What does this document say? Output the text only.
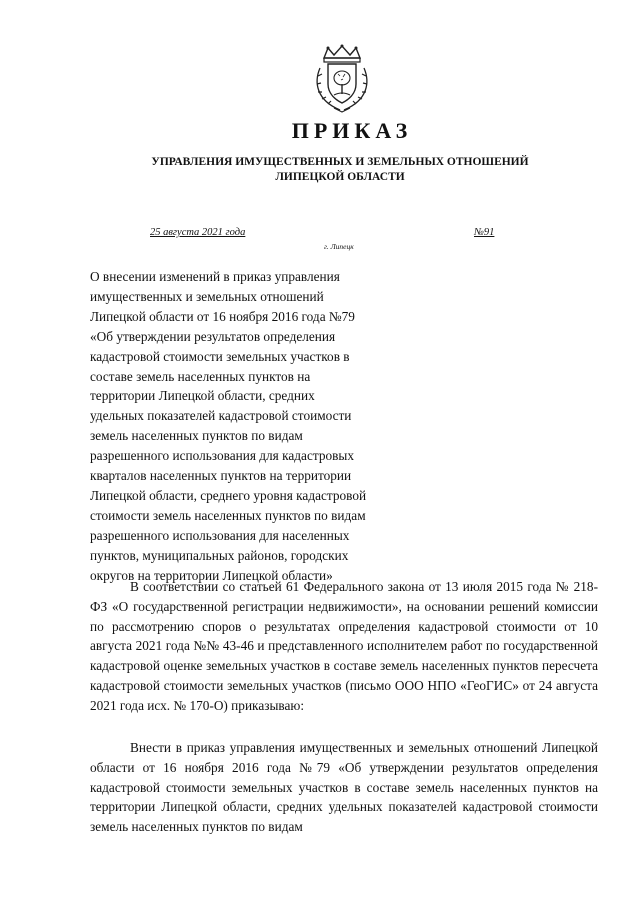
ПРИКАЗ
УПРАВЛЕНИЯ ИМУЩЕСТВЕННЫХ И ЗЕМЕЛЬНЫХ ОТНОШЕНИЙ
ЛИПЕЦКОЙ ОБЛАСТИ
25 августа 2021 года	№91
г. Липецк
О внесении изменений в приказ управления
имущественных и земельных отношений
Липецкой области от 16 ноября 2016 года №79
«Об утверждении результатов определения
кадастровой стоимости земельных участков в
составе земель населенных пунктов на
территории Липецкой области, средних
удельных показателей кадастровой стоимости
земель населенных пунктов по видам
разрешенного использования для кадастровых
кварталов населенных пунктов на территории
Липецкой области, среднего уровня кадастровой
стоимости земель населенных пунктов по видам
разрешенного использования для населенных
пунктов, муниципальных районов, городских
округов на территории Липецкой области»

В соответствии со статьей 61 Федерального закона от 13 июля 2015 года № 218-ФЗ «О государственной регистрации недвижимости», на основании решений комиссии по рассмотрению споров о результатах определения кадастровой стоимости от 10 августа 2021 года №№ 43-46 и представленного исполнителем работ по государственной кадастровой оценке земельных участков в составе земель населенных пунктов пересчета кадастровой стоимости земельных участков (письмо ООО НПО «ГеоГИС» от 24 августа 2021 года исх. № 170-О) приказываю:

Внести в приказ управления имущественных и земельных отношений Липецкой области от 16 ноября 2016 года №79 «Об утверждении результатов определения кадастровой стоимости земельных участков в составе земель населенных пунктов на территории Липецкой области, средних удельных показателей кадастровой стоимости земель населенных пунктов по видам
